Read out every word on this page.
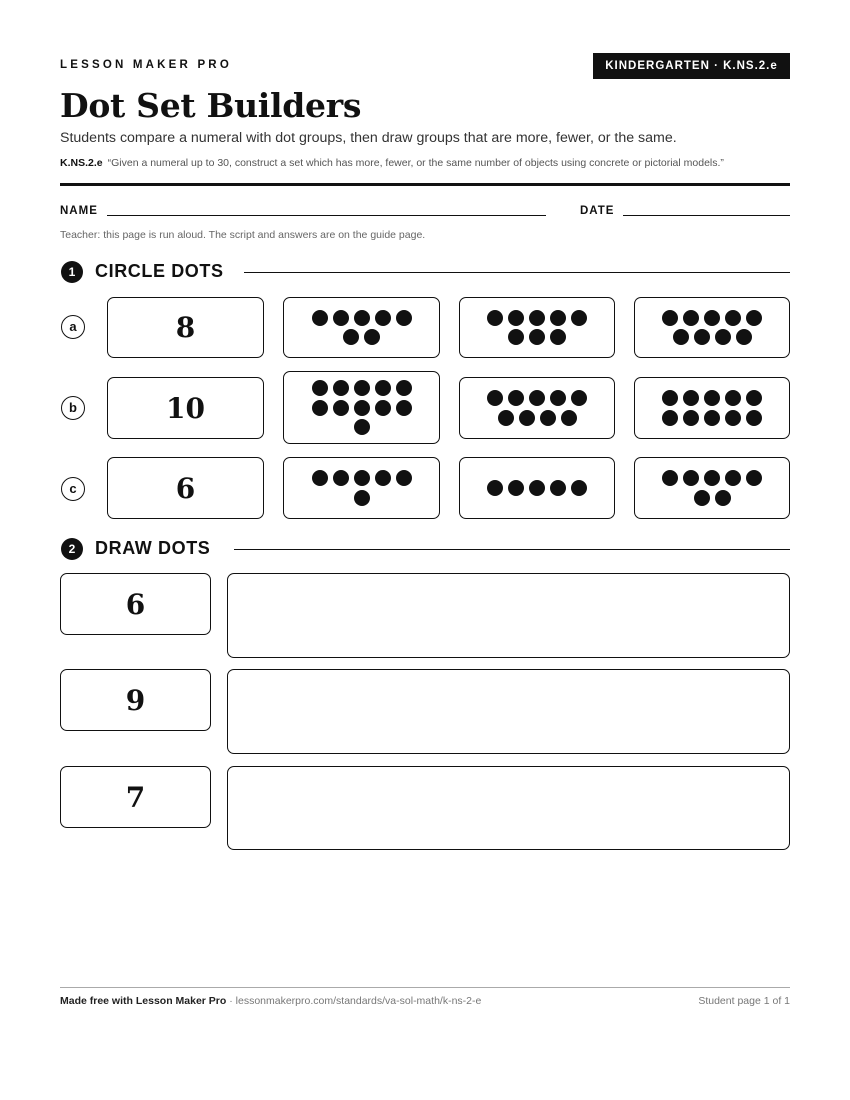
LESSON MAKER PRO	KINDERGARTEN · K.NS.2.e
Dot Set Builders
Students compare a numeral with dot groups, then draw groups that are more, fewer, or the same.
K.NS.2.e “Given a numeral up to 30, construct a set which has more, fewer, or the same number of objects using concrete or pictorial models.”
NAME	DATE
Teacher: this page is run aloud. The script and answers are on the guide page.
1	CIRCLE DOTS
a	8
b	10
c	6
2	DRAW DOTS
6
9
7
Made free with Lesson Maker Pro · lessonmakerpro.com/standards/va-sol-math/k-ns-2-e	Student page 1 of 1
